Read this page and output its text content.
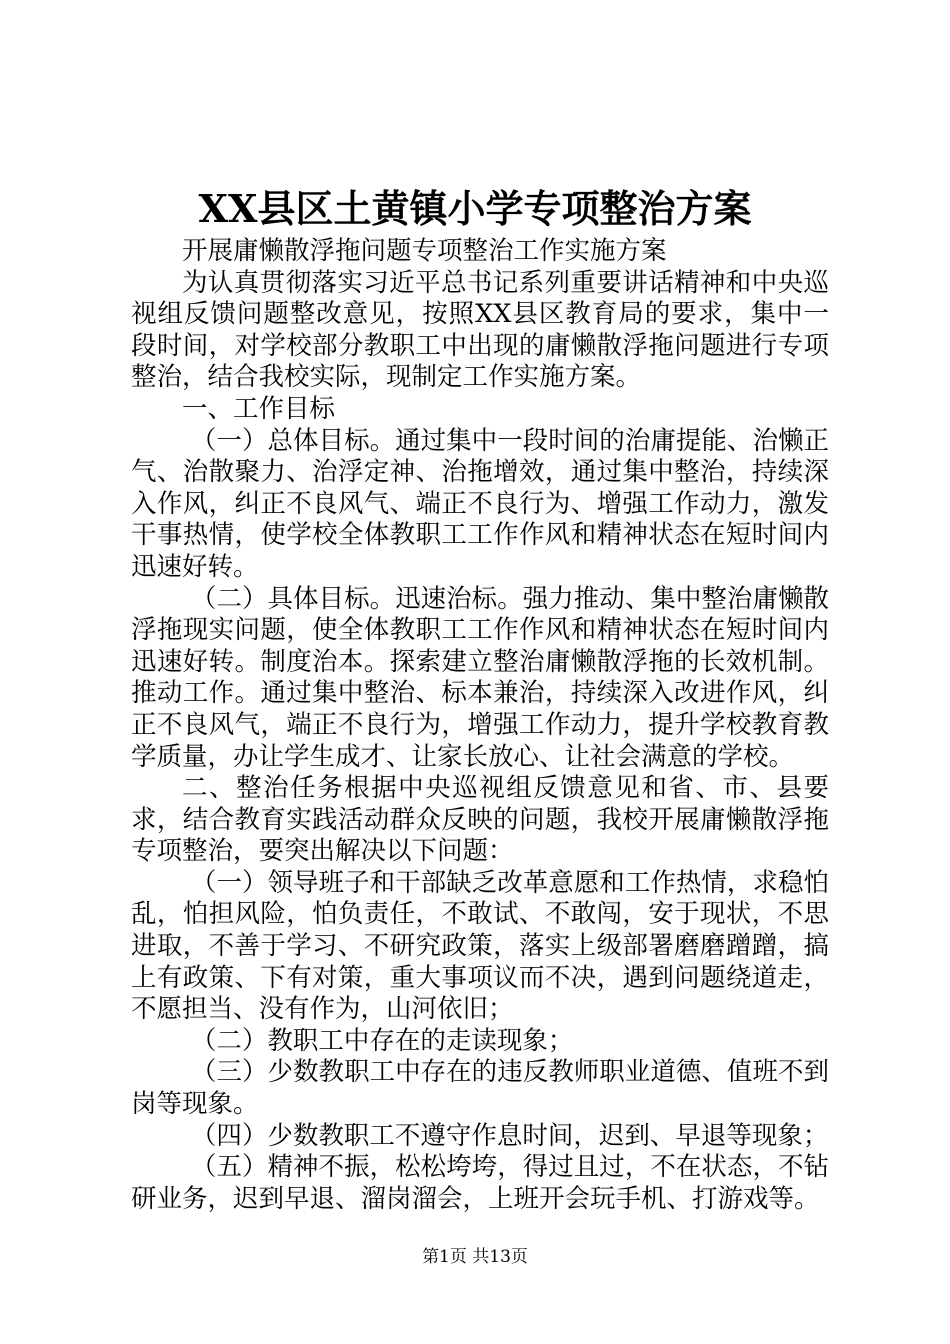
XX县区土黄镇小学专项整治方案

开展庸懒散浮拖问题专项整治工作实施方案

为认真贯彻落实习近平总书记系列重要讲话精神和中央巡视组反馈问题整改意见，按照XX县区教育局的要求，集中一段时间，对学校部分教职工中出现的庸懒散浮拖问题进行专项整治，结合我校实际，现制定工作实施方案。

一、工作目标

（一）总体目标。通过集中一段时间的治庸提能、治懒正气、治散聚力、治浮定神、治拖增效，通过集中整治，持续深入作风，纠正不良风气、端正不良行为、增强工作动力，激发干事热情，使学校全体教职工工作作风和精神状态在短时间内迅速好转。

（二）具体目标。迅速治标。强力推动、集中整治庸懒散浮拖现实问题，使全体教职工工作作风和精神状态在短时间内迅速好转。制度治本。探索建立整治庸懒散浮拖的长效机制。推动工作。通过集中整治、标本兼治，持续深入改进作风，纠正不良风气，端正不良行为，增强工作动力，提升学校教育教学质量，办让学生成才、让家长放心、让社会满意的学校。

二、整治任务根据中央巡视组反馈意见和省、市、县要求，结合教育实践活动群众反映的问题，我校开展庸懒散浮拖专项整治，要突出解决以下问题：

（一）领导班子和干部缺乏改革意愿和工作热情，求稳怕乱，怕担风险，怕负责任，不敢试、不敢闯，安于现状，不思进取，不善于学习、不研究政策，落实上级部署磨磨蹭蹭，搞上有政策、下有对策，重大事项议而不决，遇到问题绕道走，不愿担当、没有作为，山河依旧；

（二）教职工中存在的走读现象；

（三）少数教职工中存在的违反教师职业道德、值班不到岗等现象。

（四）少数教职工不遵守作息时间，迟到、早退等现象；

（五）精神不振，松松垮垮，得过且过，不在状态，不钻研业务，迟到早退、溜岗溜会，上班开会玩手机、打游戏等。

第1页 共13页
